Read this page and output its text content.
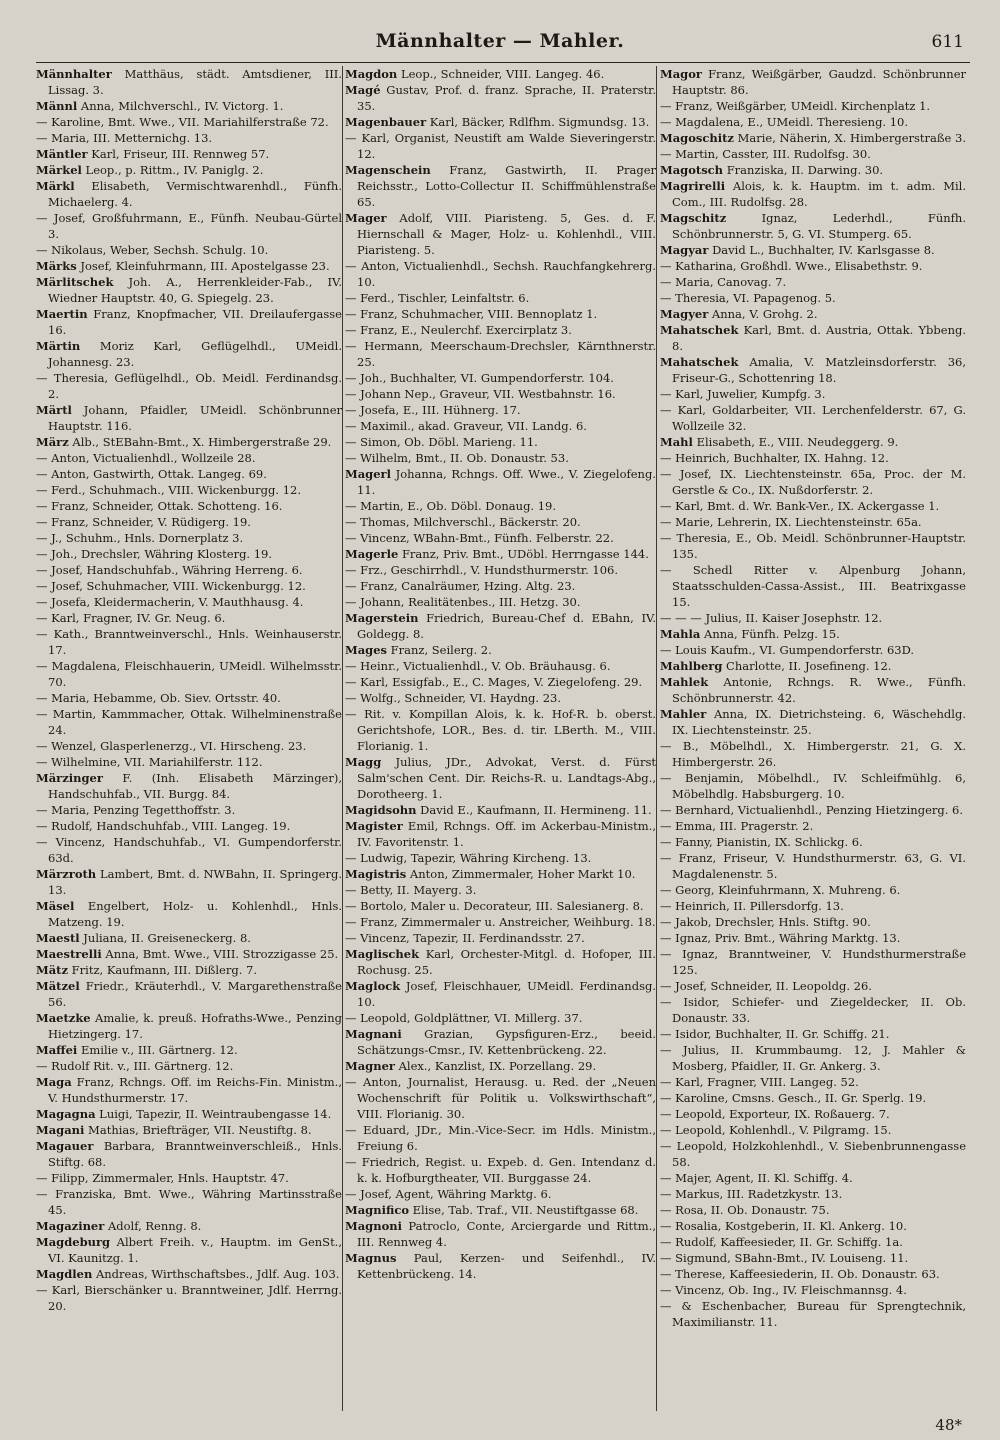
Männhalter — Mahler.	611

Männhalter Matthäus, städt. Amtsdiener, III. Lissag. 3.

Männl Anna, Milchverschl., IV. Victorg. 1.

— Karoline, Bmt. Wwe., VII. Mariahilferstraße 72.

— Maria, III. Metternichg. 13.

Mäntler Karl, Friseur, III. Rennweg 57.

Märkel Leop., p. Rittm., IV. Paniglg. 2.

Märkl Elisabeth, Vermischtwarenhdl., Fünfh. Michaelerg. 4.

— Josef, Großfuhrmann, E., Fünfh. Neubau-Gürtel 3.

— Nikolaus, Weber, Sechsh. Schulg. 10.

Märks Josef, Kleinfuhrmann, III. Apostelgasse 23.

Märlitschek Joh. A., Herrenkleider-Fab., IV. Wiedner Hauptstr. 40, G. Spiegelg. 23.

Maertin Franz, Knopfmacher, VII. Dreilaufergasse 16.

Märtin Moriz Karl, Geflügelhdl., UMeidl. Johannesg. 23.

— Theresia, Geflügelhdl., Ob. Meidl. Ferdinandsg. 2.

Märtl Johann, Pfaidler, UMeidl. Schönbrunner Hauptstr. 116.

März Alb., StEBahn-Bmt., X. Himbergerstraße 29.

— Anton, Victualienhdl., Wollzeile 28.

— Anton, Gastwirth, Ottak. Langeg. 69.

— Ferd., Schuhmach., VIII. Wickenburgg. 12.

— Franz, Schneider, Ottak. Schotteng. 16.

— Franz, Schneider, V. Rüdigerg. 19.

— J., Schuhm., Hnls. Dornerplatz 3.

— Joh., Drechsler, Währing Klosterg. 19.

— Josef, Handschuhfab., Währing Herreng. 6.

— Josef, Schuhmacher, VIII. Wickenburgg. 12.

— Josefa, Kleidermacherin, V. Mauthhausg. 4.

— Karl, Fragner, IV. Gr. Neug. 6.

— Kath., Branntweinverschl., Hnls. Weinhauserstr. 17.

— Magdalena, Fleischhauerin, UMeidl. Wilhelmsstr. 70.

— Maria, Hebamme, Ob. Siev. Ortsstr. 40.

— Martin, Kammmacher, Ottak. Wilhelminenstraße 24.

— Wenzel, Glasperlenerzg., VI. Hirscheng. 23.

— Wilhelmine, VII. Mariahilferstr. 112.

Märzinger F. (Inh. Elisabeth Märzinger), Handschuhfab., VII. Burgg. 84.

— Maria, Penzing Tegetthoffstr. 3.

— Rudolf, Handschuhfab., VIII. Langeg. 19.

— Vincenz, Handschuhfab., VI. Gumpendorferstr. 63d.

Märzroth Lambert, Bmt. d. NWBahn, II. Springerg. 13.

Mäsel Engelbert, Holz- u. Kohlenhdl., Hnls. Matzeng. 19.

Maestl Juliana, II. Greiseneckerg. 8.

Maestrelli Anna, Bmt. Wwe., VIII. Strozzigasse 25.

Mätz Fritz, Kaufmann, III. Dißlerg. 7.

Mätzel Friedr., Kräuterhdl., V. Margarethenstraße 56.

Maetzke Amalie, k. preuß. Hofraths-Wwe., Penzing Hietzingerg. 17.

Maffei Emilie v., III. Gärtnerg. 12.

— Rudolf Rit. v., III. Gärtnerg. 12.

Maga Franz, Rchngs. Off. im Reichs-Fin. Ministm., V. Hundsthurmerstr. 17.

Magagna Luigi, Tapezir, II. Weintraubengasse 14.

Magani Mathias, Briefträger, VII. Neustiftg. 8.

Magauer Barbara, Branntweinverschleiß., Hnls. Stiftg. 68.

— Filipp, Zimmermaler, Hnls. Hauptstr. 47.

— Franziska, Bmt. Wwe., Währing Martinsstraße 45.

Magaziner Adolf, Renng. 8.

Magdeburg Albert Freih. v., Hauptm. im GenSt., VI. Kaunitzg. 1.

Magdlen Andreas, Wirthschaftsbes., Jdlf. Aug. 103.

— Karl, Bierschänker u. Branntweiner, Jdlf. Herrng. 20.

Magdon Leop., Schneider, VIII. Langeg. 46.

Magé Gustav, Prof. d. franz. Sprache, II. Praterstr. 35.

Magenbauer Karl, Bäcker, Rdlfhm. Sigmundsg. 13.

— Karl, Organist, Neustift am Walde Sieveringerstr. 12.

Magenschein Franz, Gastwirth, II. Prager Reichsstr., Lotto-Collectur II. Schiffmühlenstraße 65.

Mager Adolf, VIII. Piaristeng. 5, Ges. d. F. Hiernschall & Mager, Holz- u. Kohlenhdl., VIII. Piaristeng. 5.

— Anton, Victualienhdl., Sechsh. Rauchfangkehrerg. 10.

— Ferd., Tischler, Leinfaltstr. 6.

— Franz, Schuhmacher, VIII. Bennoplatz 1.

— Franz, E., Neulerchf. Exercirplatz 3.

— Hermann, Meerschaum-Drechsler, Kärnthnerstr. 25.

— Joh., Buchhalter, VI. Gumpendorferstr. 104.

— Johann Nep., Graveur, VII. Westbahnstr. 16.

— Josefa, E., III. Hühnerg. 17.

— Maximil., akad. Graveur, VII. Landg. 6.

— Simon, Ob. Döbl. Marieng. 11.

— Wilhelm, Bmt., II. Ob. Donaustr. 53.

Magerl Johanna, Rchngs. Off. Wwe., V. Ziegelofeng. 11.

— Martin, E., Ob. Döbl. Donaug. 19.

— Thomas, Milchverschl., Bäckerstr. 20.

— Vincenz, WBahn-Bmt., Fünfh. Felberstr. 22.

Magerle Franz, Priv. Bmt., UDöbl. Herrngasse 144.

— Frz., Geschirrhdl., V. Hundsthurmerstr. 106.

— Franz, Canalräumer, Hzing. Altg. 23.

— Johann, Realitätenbes., III. Hetzg. 30.

Magerstein Friedrich, Bureau-Chef d. EBahn, IV. Goldegg. 8.

Mages Franz, Seilerg. 2.

— Heinr., Victualienhdl., V. Ob. Bräuhausg. 6.

— Karl, Essigfab., E., C. Mages, V. Ziegelofeng. 29.

— Wolfg., Schneider, VI. Haydng. 23.

— Rit. v. Kompillan Alois, k. k. Hof-R. b. oberst. Gerichtshofe, LOR., Bes. d. tir. LBerth. M., VIII. Florianig. 1.

Magg Julius, JDr., Advokat, Verst. d. Fürst Salm'schen Cent. Dir. Reichs-R. u. Landtags-Abg., Dorotheerg. 1.

Magidsohn David E., Kaufmann, II. Hermineng. 11.

Magister Emil, Rchngs. Off. im Ackerbau-Ministm., IV. Favoritenstr. 1.

— Ludwig, Tapezir, Währing Kircheng. 13.

Magistris Anton, Zimmermaler, Hoher Markt 10.

— Betty, II. Mayerg. 3.

— Bortolo, Maler u. Decorateur, III. Salesianerg. 8.

— Franz, Zimmermaler u. Anstreicher, Weihburg. 18.

— Vincenz, Tapezir, II. Ferdinandsstr. 27.

Maglischek Karl, Orchester-Mitgl. d. Hofoper, III. Rochusg. 25.

Maglock Josef, Fleischhauer, UMeidl. Ferdinandsg. 10.

— Leopold, Goldplättner, VI. Millerg. 37.

Magnani Grazian, Gypsfiguren-Erz., beeid. Schätzungs-Cmsr., IV. Kettenbrückeng. 22.

Magner Alex., Kanzlist, IX. Porzellang. 29.

— Anton, Journalist, Herausg. u. Red. der „Neuen Wochenschrift für Politik u. Volkswirthschaft“, VIII. Florianig. 30.

— Eduard, JDr., Min.-Vice-Secr. im Hdls. Ministm., Freiung 6.

— Friedrich, Regist. u. Expeb. d. Gen. Intendanz d. k. k. Hofburgtheater, VII. Burggasse 24.

— Josef, Agent, Währing Marktg. 6.

Magnifico Elise, Tab. Traf., VII. Neustiftgasse 68.

Magnoni Patroclo, Conte, Arciergarde und Rittm., III. Rennweg 4.

Magnus Paul, Kerzen- und Seifenhdl., IV. Kettenbrückeng. 14.

Magor Franz, Weißgärber, Gaudzd. Schönbrunner Hauptstr. 86.

— Franz, Weißgärber, UMeidl. Kirchenplatz 1.

— Magdalena, E., UMeidl. Theresieng. 10.

Magoschitz Marie, Näherin, X. Himbergerstraße 3.

— Martin, Casster, III. Rudolfsg. 30.

Magotsch Franziska, II. Darwing. 30.

Magrirelli Alois, k. k. Hauptm. im t. adm. Mil. Com., III. Rudolfsg. 28.

Magschitz Ignaz, Lederhdl., Fünfh. Schönbrunnerstr. 5, G. VI. Stumperg. 65.

Magyar David L., Buchhalter, IV. Karlsgasse 8.

— Katharina, Großhdl. Wwe., Elisabethstr. 9.

— Maria, Canovag. 7.

— Theresia, VI. Papagenog. 5.

Magyer Anna, V. Grohg. 2.

Mahatschek Karl, Bmt. d. Austria, Ottak. Ybbeng. 8.

Mahatschek Amalia, V. Matzleinsdorferstr. 36, Friseur-G., Schottenring 18.

— Karl, Juwelier, Kumpfg. 3.

— Karl, Goldarbeiter, VII. Lerchenfelderstr. 67, G. Wollzeile 32.

Mahl Elisabeth, E., VIII. Neudeggerg. 9.

— Heinrich, Buchhalter, IX. Hahng. 12.

— Josef, IX. Liechtensteinstr. 65a, Proc. der M. Gerstle & Co., IX. Nußdorferstr. 2.

— Karl, Bmt. d. Wr. Bank-Ver., IX. Ackergasse 1.

— Marie, Lehrerin, IX. Liechtensteinstr. 65a.

— Theresia, E., Ob. Meidl. Schönbrunner-Hauptstr. 135.

— Schedl Ritter v. Alpenburg Johann, Staatsschulden-Cassa-Assist., III. Beatrixgasse 15.

— — — Julius, II. Kaiser Josephstr. 12.

Mahla Anna, Fünfh. Pelzg. 15.

— Louis Kaufm., VI. Gumpendorferstr. 63D.

Mahlberg Charlotte, II. Josefineng. 12.

Mahlek Antonie, Rchngs. R. Wwe., Fünfh. Schönbrunnerstr. 42.

Mahler Anna, IX. Dietrichsteing. 6, Wäschehdlg. IX. Liechtensteinstr. 25.

— B., Möbelhdl., X. Himbergerstr. 21, G. X. Himbergerstr. 26.

— Benjamin, Möbelhdl., IV. Schleifmühlg. 6, Möbelhdlg. Habsburgerg. 10.

— Bernhard, Victualienhdl., Penzing Hietzingerg. 6.

— Emma, III. Pragerstr. 2.

— Fanny, Pianistin, IX. Schlickg. 6.

— Franz, Friseur, V. Hundsthurmerstr. 63, G. VI. Magdalenenstr. 5.

— Georg, Kleinfuhrmann, X. Muhreng. 6.

— Heinrich, II. Pillersdorfg. 13.

— Jakob, Drechsler, Hnls. Stiftg. 90.

— Ignaz, Priv. Bmt., Währing Marktg. 13.

— Ignaz, Branntweiner, V. Hundsthurmerstraße 125.

— Josef, Schneider, II. Leopoldg. 26.

— Isidor, Schiefer- und Ziegeldecker, II. Ob. Donaustr. 33.

— Isidor, Buchhalter, II. Gr. Schiffg. 21.

— Julius, II. Krummbaumg. 12, J. Mahler & Mosberg, Pfaidler, II. Gr. Ankerg. 3.

— Karl, Fragner, VIII. Langeg. 52.

— Karoline, Cmsns. Gesch., II. Gr. Sperlg. 19.

— Leopold, Exporteur, IX. Roßauerg. 7.

— Leopold, Kohlenhdl., V. Pilgramg. 15.

— Leopold, Holzkohlenhdl., V. Siebenbrunnengasse 58.

— Majer, Agent, II. Kl. Schiffg. 4.

— Markus, III. Radetzkystr. 13.

— Rosa, II. Ob. Donaustr. 75.

— Rosalia, Kostgeberin, II. Kl. Ankerg. 10.

— Rudolf, Kaffeesieder, II. Gr. Schiffg. 1a.

— Sigmund, SBahn-Bmt., IV. Louiseng. 11.

— Therese, Kaffeesiederin, II. Ob. Donaustr. 63.

— Vincenz, Ob. Ing., IV. Fleischmannsg. 4.

— & Eschenbacher, Bureau für Sprengtechnik, Maximilianstr. 11.

48*
